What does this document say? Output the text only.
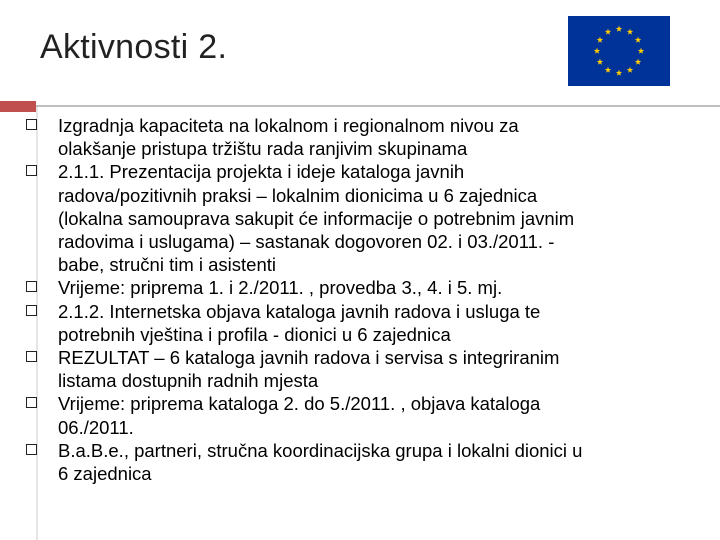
Aktivnosti 2.
Izgradnja kapaciteta na lokalnom i regionalnom nivou za
olakšanje pristupa tržištu rada ranjivim skupinama
2.1.1. Prezentacija projekta i ideje kataloga javnih
radova/pozitivnih praksi – lokalnim dionicima u 6 zajednica
(lokalna samouprava sakupit će informacije o potrebnim javnim
radovima i uslugama) – sastanak dogovoren 02. i 03./2011. -
babe, stručni tim i asistenti
Vrijeme: priprema 1. i 2./2011. , provedba 3., 4. i 5. mj.
2.1.2. Internetska objava kataloga javnih radova i usluga te
potrebnih vještina i profila - dionici u 6 zajednica
REZULTAT – 6 kataloga javnih radova i servisa s integriranim
listama dostupnih radnih mjesta
Vrijeme: priprema kataloga 2. do 5./2011. , objava kataloga
06./2011.
B.a.B.e., partneri, stručna koordinacijska grupa i lokalni dionici u
6 zajednica
